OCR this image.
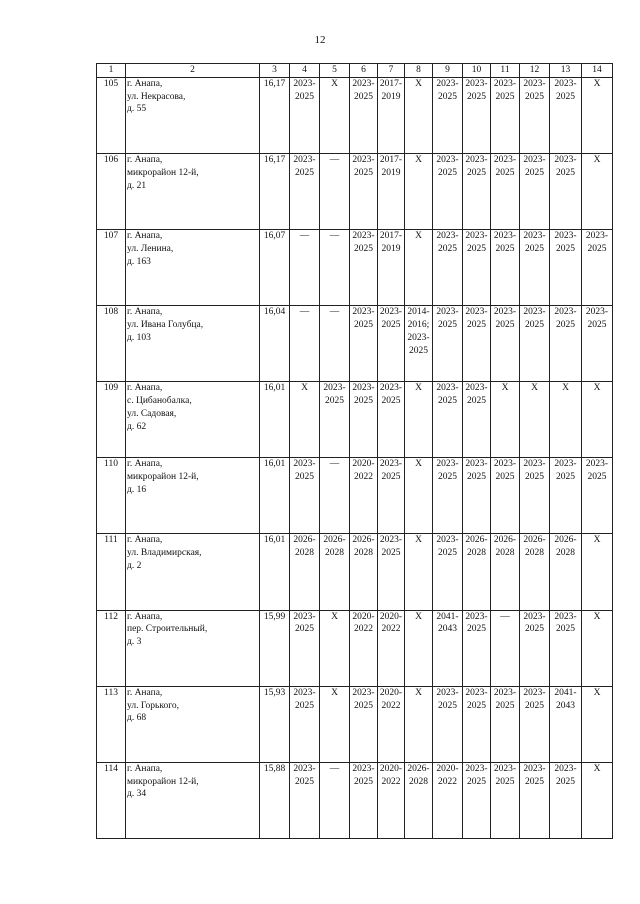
12
1	2	3	4	5	6	7	8	9	10	11	12	13	14
105	г. Анапа,
ул. Некрасова,
д. 55	16,17	2023-
2025	X	2023-
2025	2017-
2019	X	2023-
2025	2023-
2025	2023-
2025	2023-
2025	2023-
2025	X
106	г. Анапа,
микрорайон 12-й,
д. 21	16,17	2023-
2025	—	2023-
2025	2017-
2019	X	2023-
2025	2023-
2025	2023-
2025	2023-
2025	2023-
2025	X
107	г. Анапа,
ул. Ленина,
д. 163	16,07	—	—	2023-
2025	2017-
2019	X	2023-
2025	2023-
2025	2023-
2025	2023-
2025	2023-
2025	2023-
2025
108	г. Анапа,
ул. Ивана Голубца,
д. 103	16,04	—	—	2023-
2025	2023-
2025	2014-
2016;
2023-
2025	2023-
2025	2023-
2025	2023-
2025	2023-
2025	2023-
2025	2023-
2025
109	г. Анапа,
с. Цибанобалка,
ул. Садовая,
д. 62	16,01	X	2023-
2025	2023-
2025	2023-
2025	X	2023-
2025	2023-
2025	X	X	X	X
110	г. Анапа,
микрорайон 12-й,
д. 16	16,01	2023-
2025	—	2020-
2022	2023-
2025	X	2023-
2025	2023-
2025	2023-
2025	2023-
2025	2023-
2025	2023-
2025
111	г. Анапа,
ул. Владимирская,
д. 2	16,01	2026-
2028	2026-
2028	2026-
2028	2023-
2025	X	2023-
2025	2026-
2028	2026-
2028	2026-
2028	2026-
2028	X
112	г. Анапа,
пер. Строительный,
д. 3	15,99	2023-
2025	X	2020-
2022	2020-
2022	X	2041-
2043	2023-
2025	—	2023-
2025	2023-
2025	X
113	г. Анапа,
ул. Горького,
д. 68	15,93	2023-
2025	X	2023-
2025	2020-
2022	X	2023-
2025	2023-
2025	2023-
2025	2023-
2025	2041-
2043	X
114	г. Анапа,
микрорайон 12-й,
д. 34	15,88	2023-
2025	—	2023-
2025	2020-
2022	2026-
2028	2020-
2022	2023-
2025	2023-
2025	2023-
2025	2023-
2025	X
